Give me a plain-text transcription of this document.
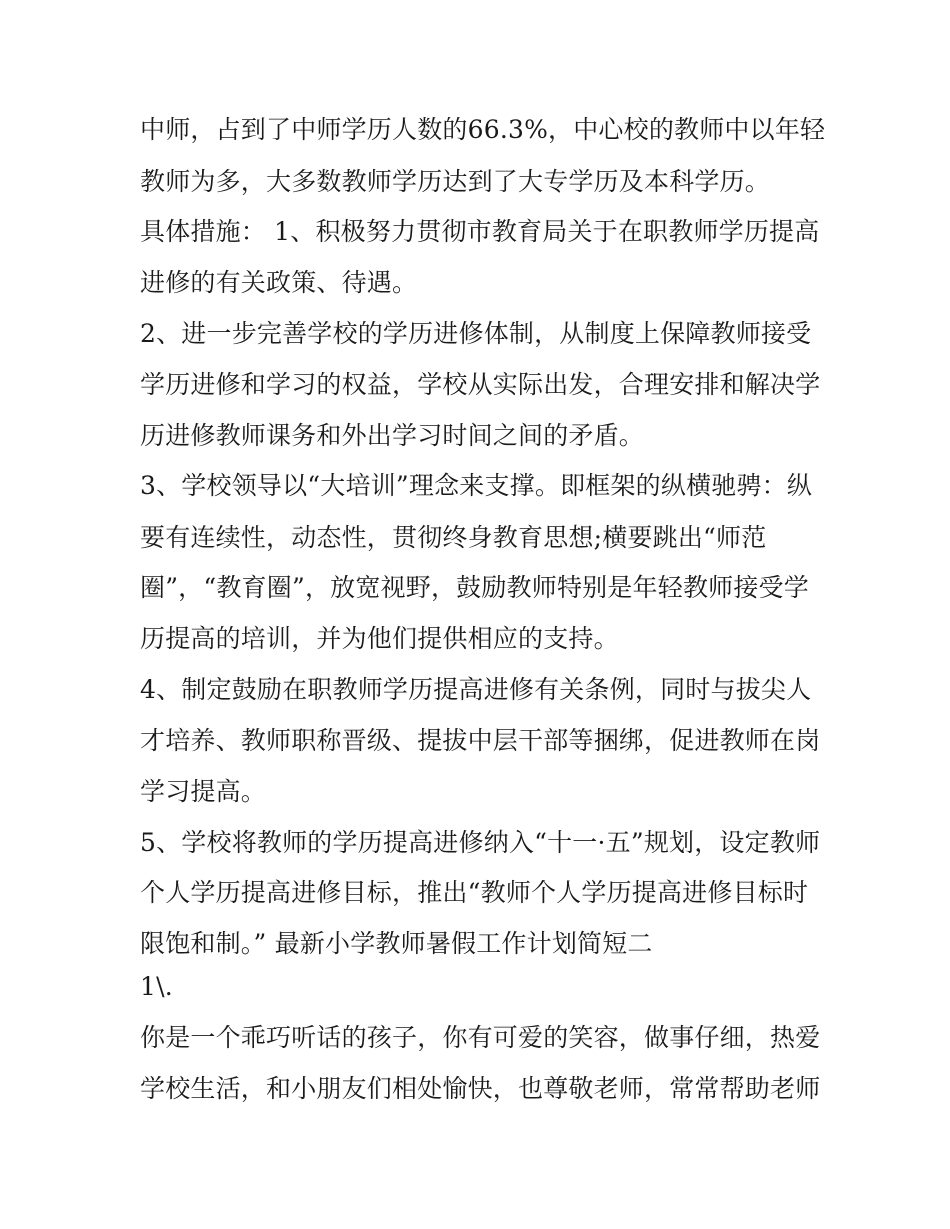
中师，占到了中师学历人数的66.3%，中心校的教师中以年轻
教师为多，大多数教师学历达到了大专学历及本科学历。
具体措施： 1、积极努力贯彻市教育局关于在职教师学历提高
进修的有关政策、待遇。
2、进一步完善学校的学历进修体制，从制度上保障教师接受
学历进修和学习的权益，学校从实际出发，合理安排和解决学
历进修教师课务和外出学习时间之间的矛盾。
3、学校领导以“大培训”理念来支撑。即框架的纵横驰骋：纵
要有连续性，动态性，贯彻终身教育思想;横要跳出“师范
圈”，“教育圈”，放宽视野，鼓励教师特别是年轻教师接受学
历提高的培训，并为他们提供相应的支持。
4、制定鼓励在职教师学历提高进修有关条例，同时与拔尖人
才培养、教师职称晋级、提拔中层干部等捆绑，促进教师在岗
学习提高。
5、学校将教师的学历提高进修纳入“十一·五”规划，设定教师
个人学历提高进修目标，推出“教师个人学历提高进修目标时
限饱和制。” 最新小学教师暑假工作计划简短二
1\.
你是一个乖巧听话的孩子，你有可爱的笑容，做事仔细，热爱
学校生活，和小朋友们相处愉快，也尊敬老师，常常帮助老师
